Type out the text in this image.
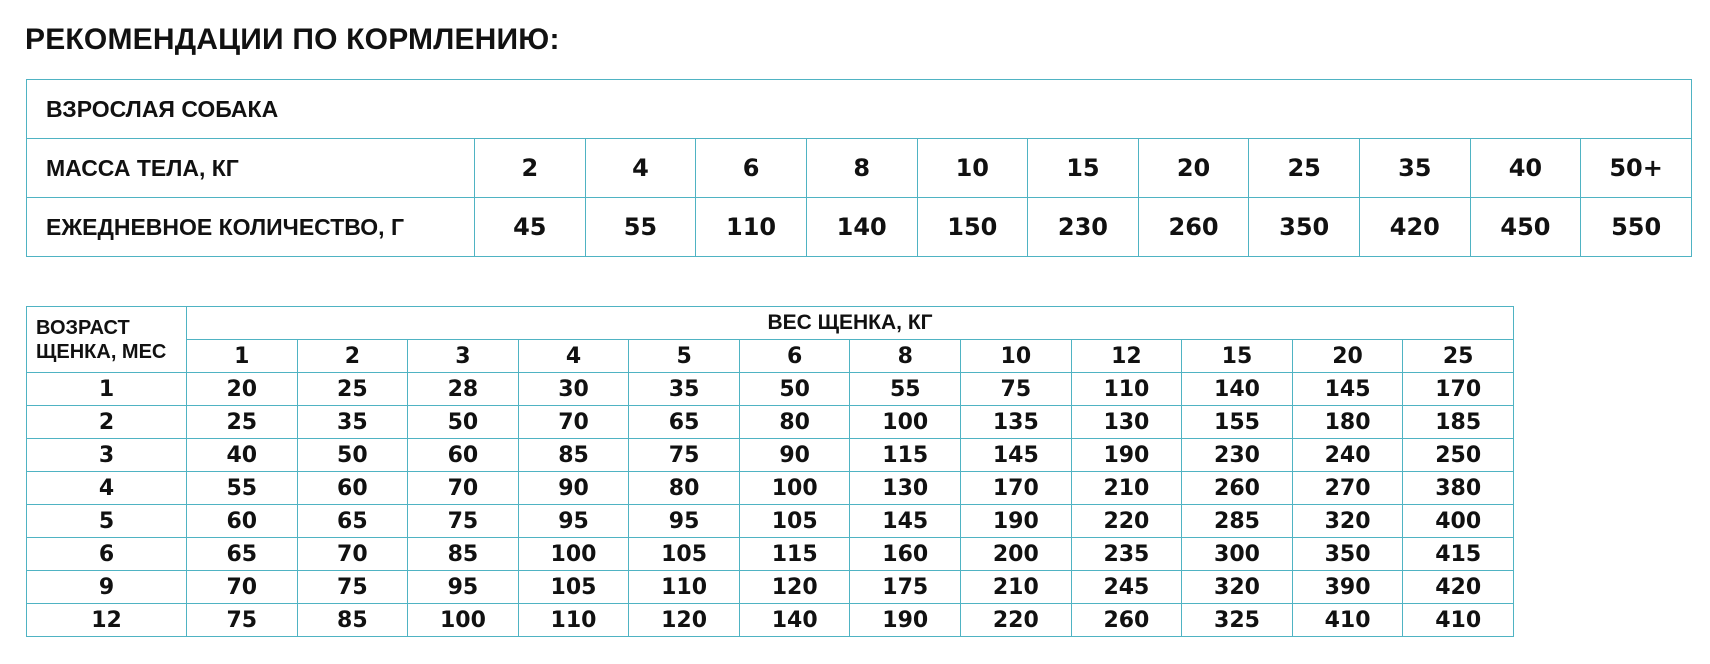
РЕКОМЕНДАЦИИ ПО КОРМЛЕНИЮ:
ВЗРОСЛАЯ СОБАКА											
МАССА ТЕЛА, КГ	2	4	6	8	10	15	20	25	35	40	50+
ЕЖЕДНЕВНОЕ КОЛИЧЕСТВО, Г	45	55	110	140	150	230	260	350	420	450	550
ВОЗРАСТ
ЩЕНКА, МЕС	ВЕС ЩЕНКА, КГ											
	1	2	3	4	5	6	8	10	12	15	20	25
1	20	25	28	30	35	50	55	75	110	140	145	170
2	25	35	50	70	65	80	100	135	130	155	180	185
3	40	50	60	85	75	90	115	145	190	230	240	250
4	55	60	70	90	80	100	130	170	210	260	270	380
5	60	65	75	95	95	105	145	190	220	285	320	400
6	65	70	85	100	105	115	160	200	235	300	350	415
9	70	75	95	105	110	120	175	210	245	320	390	420
12	75	85	100	110	120	140	190	220	260	325	410	410
